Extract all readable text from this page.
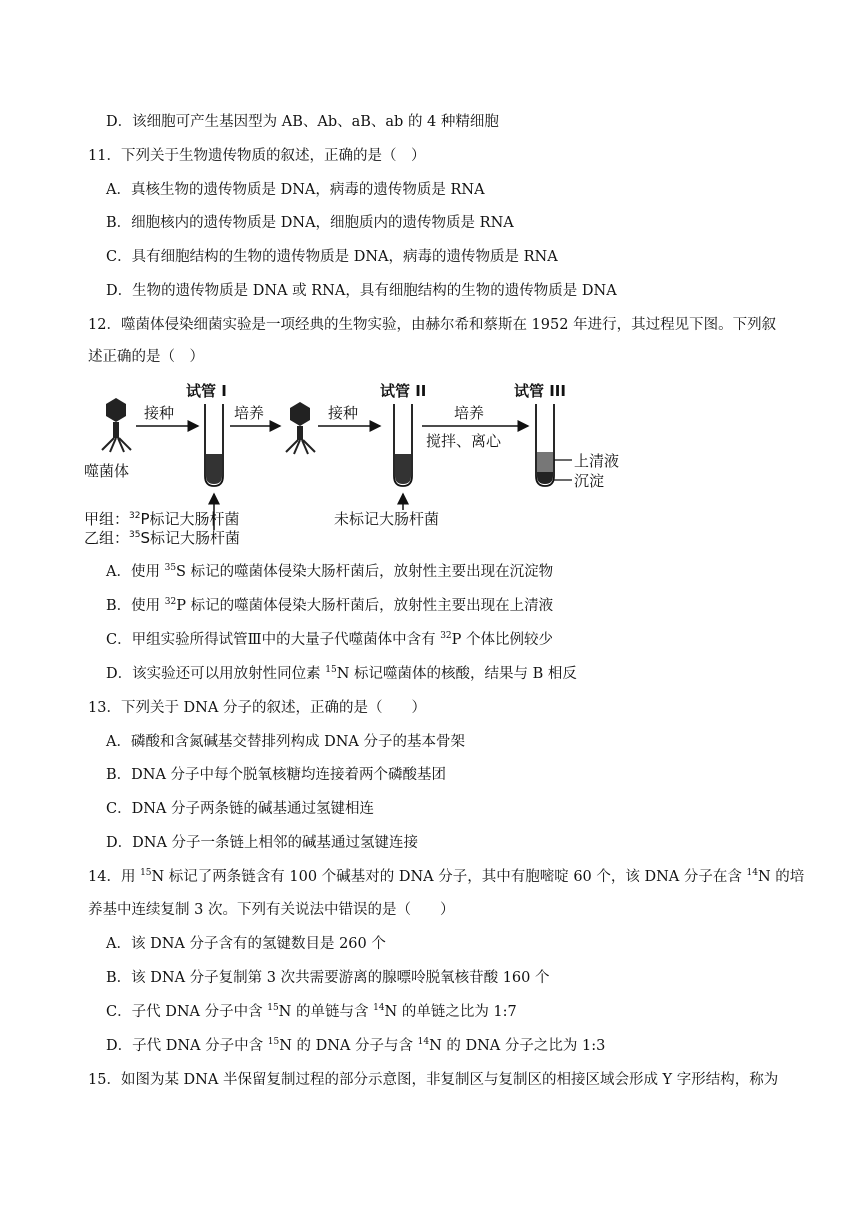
D．该细胞可产生基因型为 AB、Ab、aB、ab 的 4 种精细胞
11．下列关于生物遗传物质的叙述，正确的是（　）
A．真核生物的遗传物质是 DNA，病毒的遗传物质是 RNA
B．细胞核内的遗传物质是 DNA，细胞质内的遗传物质是 RNA
C．具有细胞结构的生物的遗传物质是 DNA，病毒的遗传物质是 RNA
D．生物的遗传物质是 DNA 或 RNA，具有细胞结构的生物的遗传物质是 DNA
12．噬菌体侵染细菌实验是一项经典的生物实验，由赫尔希和蔡斯在 1952 年进行，其过程见下图。下列叙
述正确的是（　）
噬菌体
接种
试管 I
培养	接种
试管 II
培养
搅拌、离心
试管 III
上清液
沉淀
甲组：$^{32}$P标记大肠杆菌
乙组：$^{35}$S标记大肠杆菌
未标记大肠杆菌
A．使用 $^{35}$S 标记的噬菌体侵染大肠杆菌后，放射性主要出现在沉淀物
B．使用 $^{32}$P 标记的噬菌体侵染大肠杆菌后，放射性主要出现在上清液
C．甲组实验所得试管Ⅲ中的大量子代噬菌体中含有 $^{32}$P 个体比例较少
D．该实验还可以用放射性同位素 $^{15}$N 标记噬菌体的核酸，结果与 B 相反
13．下列关于 DNA 分子的叙述，正确的是（　　）
A．磷酸和含氮碱基交替排列构成 DNA 分子的基本骨架
B．DNA 分子中每个脱氧核糖均连接着两个磷酸基团
C．DNA 分子两条链的碱基通过氢键相连
D．DNA 分子一条链上相邻的碱基通过氢键连接
14．用 $^{15}$N 标记了两条链含有 100 个碱基对的 DNA 分子，其中有胞嘧啶 60 个，该 DNA 分子在含 $^{14}$N 的培
养基中连续复制 3 次。下列有关说法中错误的是（　　）
A．该 DNA 分子含有的氢键数目是 260 个
B．该 DNA 分子复制第 3 次共需要游离的腺嘌呤脱氧核苷酸 160 个
C．子代 DNA 分子中含 $^{15}$N 的单链与含 $^{14}$N 的单链之比为 1:7
D．子代 DNA 分子中含 $^{15}$N 的 DNA 分子与含 $^{14}$N 的 DNA 分子之比为 1:3
15．如图为某 DNA 半保留复制过程的部分示意图，非复制区与复制区的相接区域会形成 Y 字形结构，称为
